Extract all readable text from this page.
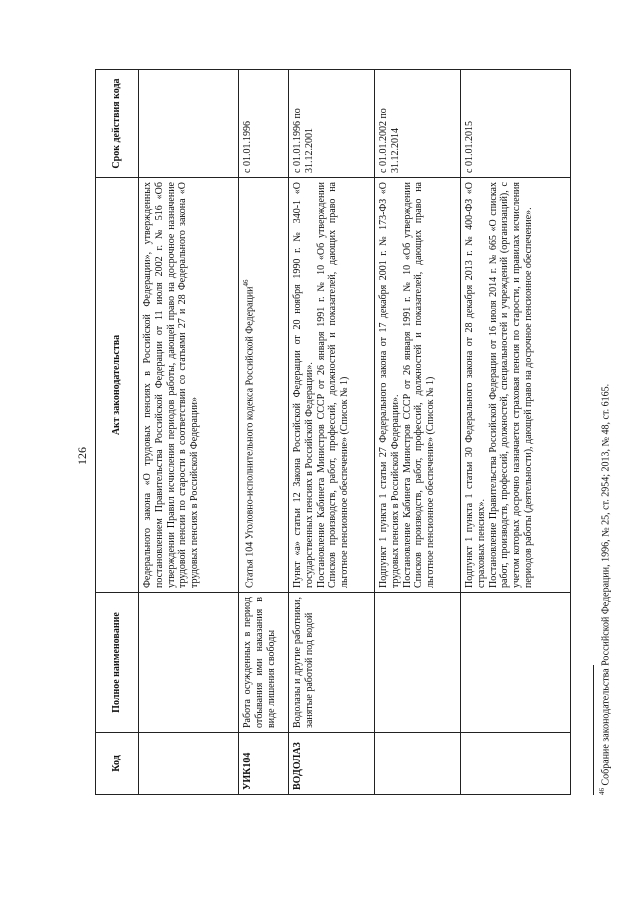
126
Код	Полное наименование	Акт законодательства	Срок действия кода

		Федерального закона «О трудовых пенсиях в Российской Федерации», утвержденных постановлением Правительства Российской Федерации от 11 июля 2002 г. № 516 «Об утверждении Правил исчисления периодов работы, дающей право на досрочное назначение трудовой пенсии по старости в соответствии со статьями 27 и 28 Федерального закона «О трудовых пенсиях в Российской Федерации»	

УИК104	Работа осужденных в период отбывания ими наказания в виде лишения свободы	Статья 104 Уголовно-исполнительного кодекса Российской Федерации$^{46}$	с 01.01.1996
ВОДОЛАЗ	Водолазы и другие работники, занятые работой под водой	Пункт «а» статьи 12 Закона Российской Федерации от 20 ноября 1990 г. № 340-1 «О государственных пенсиях в Российской Федерации». Постановление Кабинета Министров СССР от 26 января 1991 г. № 10 «Об утверждении Списков производств, работ, профессий, должностей и показателей, дающих право на льготное пенсионное обеспечение» (Список № 1)	с 01.01.1996 по 31.12.2001

		Подпункт 1 пункта 1 статьи 27 Федерального закона от 17 декабря 2001 г. № 173-ФЗ «О трудовых пенсиях в Российской Федерации». Постановление Кабинета Министров СССР от 26 января 1991 г. № 10 «Об утверждении Списков производств, работ, профессий, должностей и показателей, дающих право на льготное пенсионное обеспечение» (Список № 1)	с 01.01.2002 по 31.12.2014

		Подпункт 1 пункта 1 статьи 30 Федерального закона от 28 декабря 2013 г. № 400-ФЗ «О страховых пенсиях». Постановление Правительства Российской Федерации от 16 июля 2014 г. № 665 «О списках работ, производств, профессий, должностей, специальностей и учреждений (организаций), с учетом которых досрочно назначается страховая пенсия по старости, и правилах исчисления периодов работы (деятельности), дающей право на досрочное пенсионное обеспечение».	с 01.01.2015
$^{46}$ Собрание законодательства Российской Федерации, 1996, № 25, ст. 2954; 2013, № 48, ст. 6165.
